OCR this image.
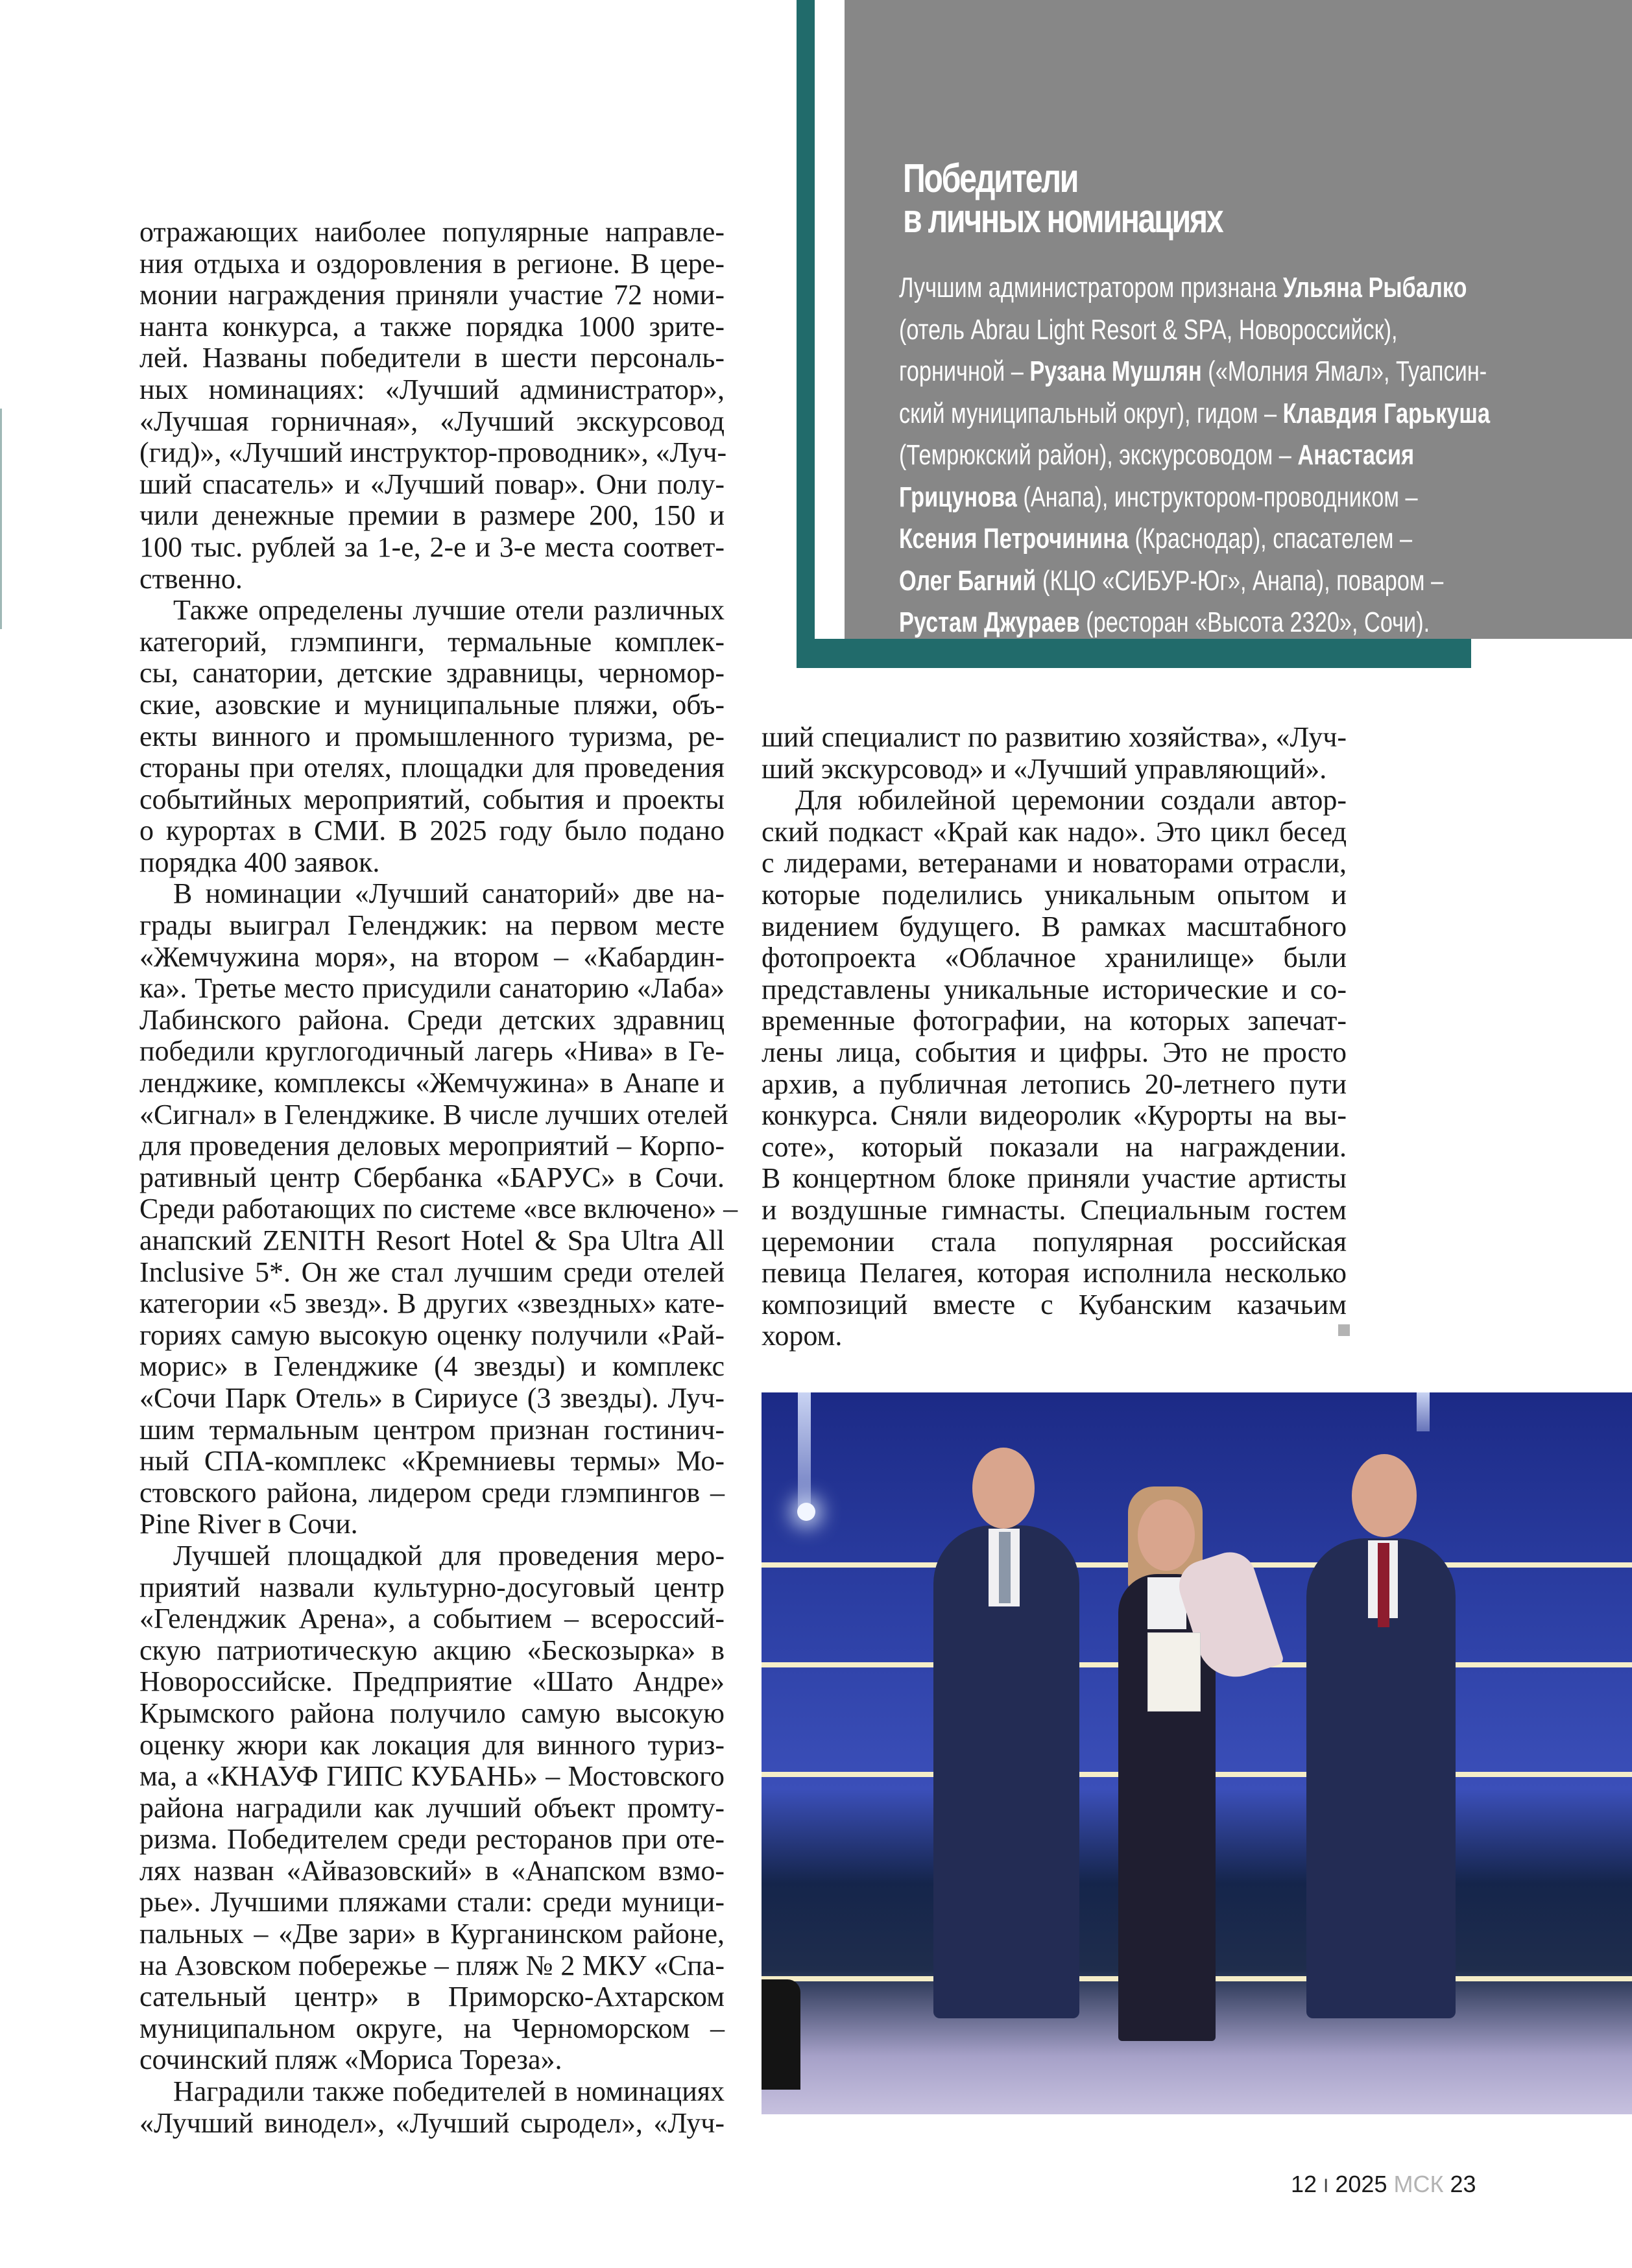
Победители
в личных номинациях
Лучшим администратором признана Ульяна Рыбалко
(отель Abrau Light Resort & SPA, Новороссийск),
горничной – Рузана Мушлян («Молния Ямал», Туапсин-
ский муниципальный округ), гидом – Клавдия Гарькуша
(Темрюкский район), экскурсоводом – Анастасия
Грицунова (Анапа), инструктором-проводником –
Ксения Петрочинина (Краснодар), спасателем –
Олег Багний (КЦО «СИБУР-Юг», Анапа), поваром –
Рустам Джураев (ресторан «Высота 2320», Сочи).
отражающих наиболее популярные направле-
ния отдыха и оздоровления в регионе. В цере-
монии награждения приняли участие 72 номи-
нанта конкурса, а также порядка 1000 зрите-
лей. Названы победители в шести персональ-
ных номинациях: «Лучший администратор»,
«Лучшая горничная», «Лучший экскурсовод
(гид)», «Лучший инструктор-проводник», «Луч-
ший спасатель» и «Лучший повар». Они полу-
чили денежные премии в размере 200, 150 и
100 тыс. рублей за 1-е, 2-е и 3-е места соответ-
ственно.
Также определены лучшие отели различных
категорий, глэмпинги, термальные комплек-
сы, санатории, детские здравницы, черномор-
ские, азовские и муниципальные пляжи, объ-
екты винного и промышленного туризма, ре-
стораны при отелях, площадки для проведения
событийных мероприятий, события и проекты
о курортах в СМИ. В 2025 году было подано
порядка 400 заявок.
В номинации «Лучший санаторий» две на-
грады выиграл Геленджик: на первом месте
«Жемчужина моря», на втором – «Кабардин-
ка». Третье место присудили санаторию «Лаба»
Лабинского района. Среди детских здравниц
победили круглогодичный лагерь «Нива» в Ге-
ленджике, комплексы «Жемчужина» в Анапе и
«Сигнал» в Геленджике. В числе лучших отелей
для проведения деловых мероприятий – Корпо-
ративный центр Сбербанка «БАРУС» в Сочи.
Среди работающих по системе «все включено» –
анапский ZENITH Resort Hotel & Spa Ultra All
Inclusive 5*. Он же стал лучшим среди отелей
категории «5 звезд». В других «звездных» кате-
гориях самую высокую оценку получили «Рай-
морис» в Геленджике (4 звезды) и комплекс
«Сочи Парк Отель» в Сириусе (3 звезды). Луч-
шим термальным центром признан гостинич-
ный СПА-комплекс «Кремниевы термы» Мо-
стовского района, лидером среди глэмпингов –
Pine River в Сочи.
Лучшей площадкой для проведения меро-
приятий назвали культурно-досуговый центр
«Геленджик Арена», а событием – всероссий-
скую патриотическую акцию «Бескозырка» в
Новороссийске. Предприятие «Шато Андре»
Крымского района получило самую высокую
оценку жюри как локация для винного туриз-
ма, а «КНАУФ ГИПС КУБАНЬ» – Мостовского
района наградили как лучший объект промту-
ризма. Победителем среди ресторанов при оте-
лях назван «Айвазовский» в «Анапском взмо-
рье». Лучшими пляжами стали: среди муници-
пальных – «Две зари» в Курганинском районе,
на Азовском побережье – пляж № 2 МКУ «Спа-
сательный центр» в Приморско-Ахтарском
муниципальном округе, на Черноморском –
сочинский пляж «Мориса Тореза».
Наградили также победителей в номинациях
«Лучший винодел», «Лучший сыродел», «Луч-
ший специалист по развитию хозяйства», «Луч-
ший экскурсовод» и «Лучший управляющий».
Для юбилейной церемонии создали автор-
ский подкаст «Край как надо». Это цикл бесед
с лидерами, ветеранами и новаторами отрасли,
которые поделились уникальным опытом и
видением будущего. В рамках масштабного
фотопроекта «Облачное хранилище» были
представлены уникальные исторические и со-
временные фотографии, на которых запечат-
лены лица, события и цифры. Это не просто
архив, а публичная летопись 20-летнего пути
конкурса. Сняли видеоролик «Курорты на вы-
соте», который показали на награждении.
В концертном блоке приняли участие артисты
и воздушные гимнасты. Специальным гостем
церемонии стала популярная российская
певица Пелагея, которая исполнила несколько
композиций вместе с Кубанским казачьим
хором.
12 I 2025 МСК 23
